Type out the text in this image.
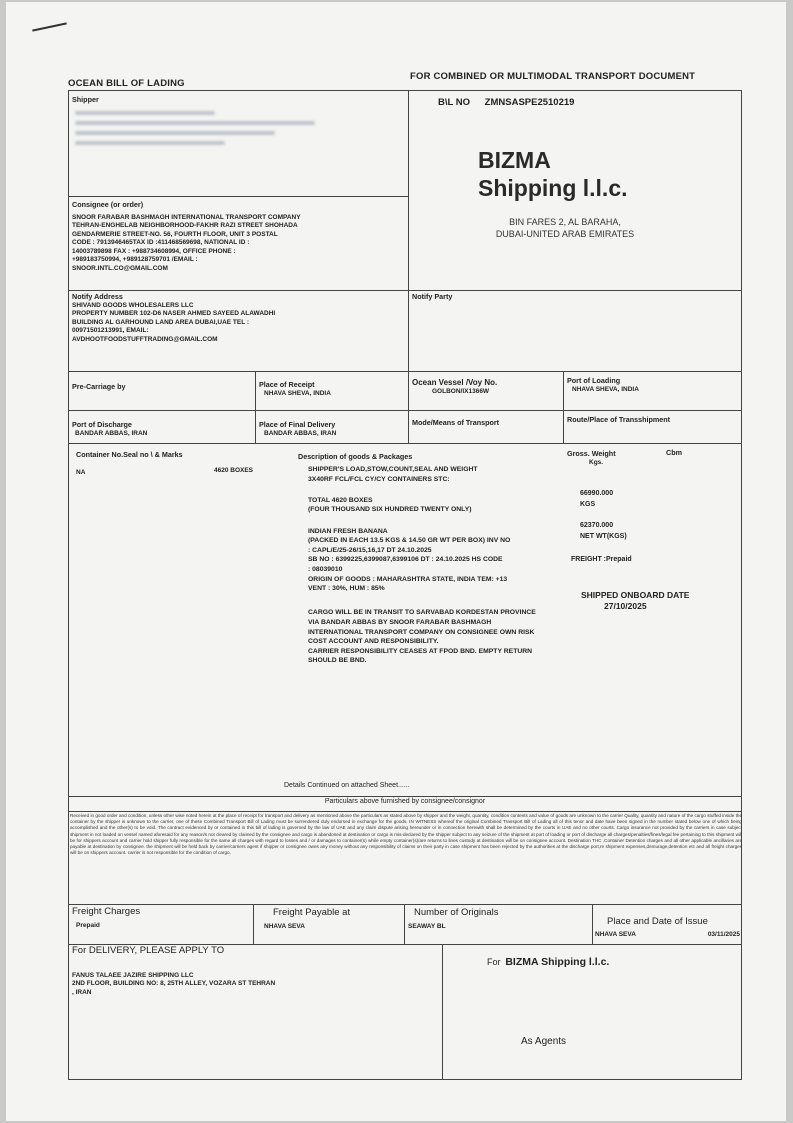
OCEAN BILL OF LADING
FOR COMBINED OR MULTIMODAL TRANSPORT DOCUMENT
Shipper	B\L NO ZMNSASPE2510219
BIZMA
Shipping l.l.c.
BIN FARES 2, AL BARAHA,
DUBAI-UNITED ARAB EMIRATES
Consignee (or order)
SNOOR FARABAR BASHMAGH INTERNATIONAL TRANSPORT COMPANY
TEHRAN-ENGHELAB NEIGHBORHOOD-FAKHR RAZI STREET SHOHADA
GENDARMERIE STREET-NO. 56, FOURTH FLOOR, UNIT 3 POSTAL
CODE : 7913946465TAX ID :411468569698, NATIONAL ID :
14003789898 FAX : +988734608994, OFFICE PHONE :
+989183750994, +989128759701 /EMAIL :
SNOOR.INTL.CO@GMAIL.COM
Notify Address
SHIVAND GOODS WHOLESALERS LLC
PROPERTY NUMBER 102-D6 NASER AHMED SAYEED ALAWADHI
BUILDING AL GARHOUND LAND AREA DUBAI,UAE TEL :
00971501213991, EMAIL:
AVDHOOTFOODSTUFFTRADING@GMAIL.COM
Notify Party
Pre-Carriage by	Place of Receipt
NHAVA SHEVA, INDIA
Ocean Vessel /Voy No.
GOLBON/IX1366W
Port of Loading
NHAVA SHEVA, INDIA
Port of Discharge
BANDAR ABBAS, IRAN
Place of Final Delivery
BANDAR ABBAS, IRAN
Mode/Means of Transport	Route/Place of Transshipment
Container No.Seal no \ & Marks	Description of goods & Packages	Gross. Weight
Kgs.
Cbm
NA	4620 BOXES	SHIPPER'S LOAD,STOW,COUNT,SEAL AND WEIGHT
3X40RF FCL/FCL CY/CY CONTAINERS STC:
TOTAL 4620 BOXES
(FOUR THOUSAND SIX HUNDRED TWENTY ONLY)
INDIAN FRESH BANANA
(PACKED IN EACH 13.5 KGS & 14.50 GR WT PER BOX) INV NO
: CAPL/E/25-26/15,16,17 DT 24.10.2025
SB NO : 6399225,6399087,6399106 DT : 24.10.2025 HS CODE
: 08039010
ORIGIN OF GOODS : MAHARASHTRA STATE, INDIA TEM: +13
VENT : 30%, HUM : 85%
CARGO WILL BE IN TRANSIT TO SARVABAD KORDESTAN PROVINCE
VIA BANDAR ABBAS BY SNOOR FARABAR BASHMAGH
INTERNATIONAL TRANSPORT COMPANY ON CONSIGNEE OWN RISK
COST ACCOUNT AND RESPONSIBILITY.
CARRIER RESPONSIBILITY CEASES AT FPOD BND. EMPTY RETURN
SHOULD BE BND.
66990.000
KGS
62370.000
NET WT(KGS)
FREIGHT :Prepaid
SHIPPED ONBOARD DATE
27/10/2025
Details Continued on attached Sheet......
Particulars above furnished by consignee/consignor
Received in good order and condition, unless other wise noted herein at the place of receipt for transport and delivery as mentioned above the particulars as stated above by shipper and the weight, quantity, condition contents and value of goods are unknown to the carrier Quality, quantity and nature of the cargo stuffed inside the container by the shipper is unknown to the carrier, one of these Combined Transport Bill of Lading must be surrendered duly endorsed in exchange for the goods. IN WITNESS whereof the original Combined Transport Bill of Lading all of this tenor and date have been signed in the number stated below one of which being accomplished and the other(s) to be void. The contract evidenced by or contained in this bill of lading is governed by the law of UAE and any claim dispute arising hereunder or in connection herewith shall be determined by the courts in UAE and no other courts. Cargo insurance not provided by the carriers in case subject shipment in not loaded on vessel named aforesaid for any reason/s not cleared by claimed by the consignee and cargo is abandoned at destination or cargo is mis-declared by the shipper subject to any seizure of the shipment at port of loading or port of discharge all charges/penalties/fines/legal fee pertaining to this shipment will be for shippers account and carrier hold shipper fully responsible for the same all charges with regard to losses and / or damages to container(s) while empty container(s)/are returns to lines custody at destination will be on consignee account. Destination THC ,Container Detention charges and all other applicable ancillaries are payable at destination by consignee. the shipment will be held back by carrier/carriers agent if shipper or consignee owes any money without any responsibility of claims on their party in case shipment has been rejected by the authorities at the discharge port,re shipment expenses,demurage,detention etc and all freight charges will be on shippers account. carrier is not responsible for the condition of cargo.
Freight Charges
Prepaid
Freight Payable at
NHAVA SEVA
Number of Originals
SEAWAY BL	Place and Date of Issue
NHAVA SEVA	03/11/2025
For DELIVERY, PLEASE APPLY TO
FANUS TALAEE JAZIRE SHIPPING LLC
2ND FLOOR, BUILDING NO: 8, 25TH ALLEY, VOZARA ST TEHRAN
, IRAN
For BIZMA Shipping l.l.c.
As Agents
